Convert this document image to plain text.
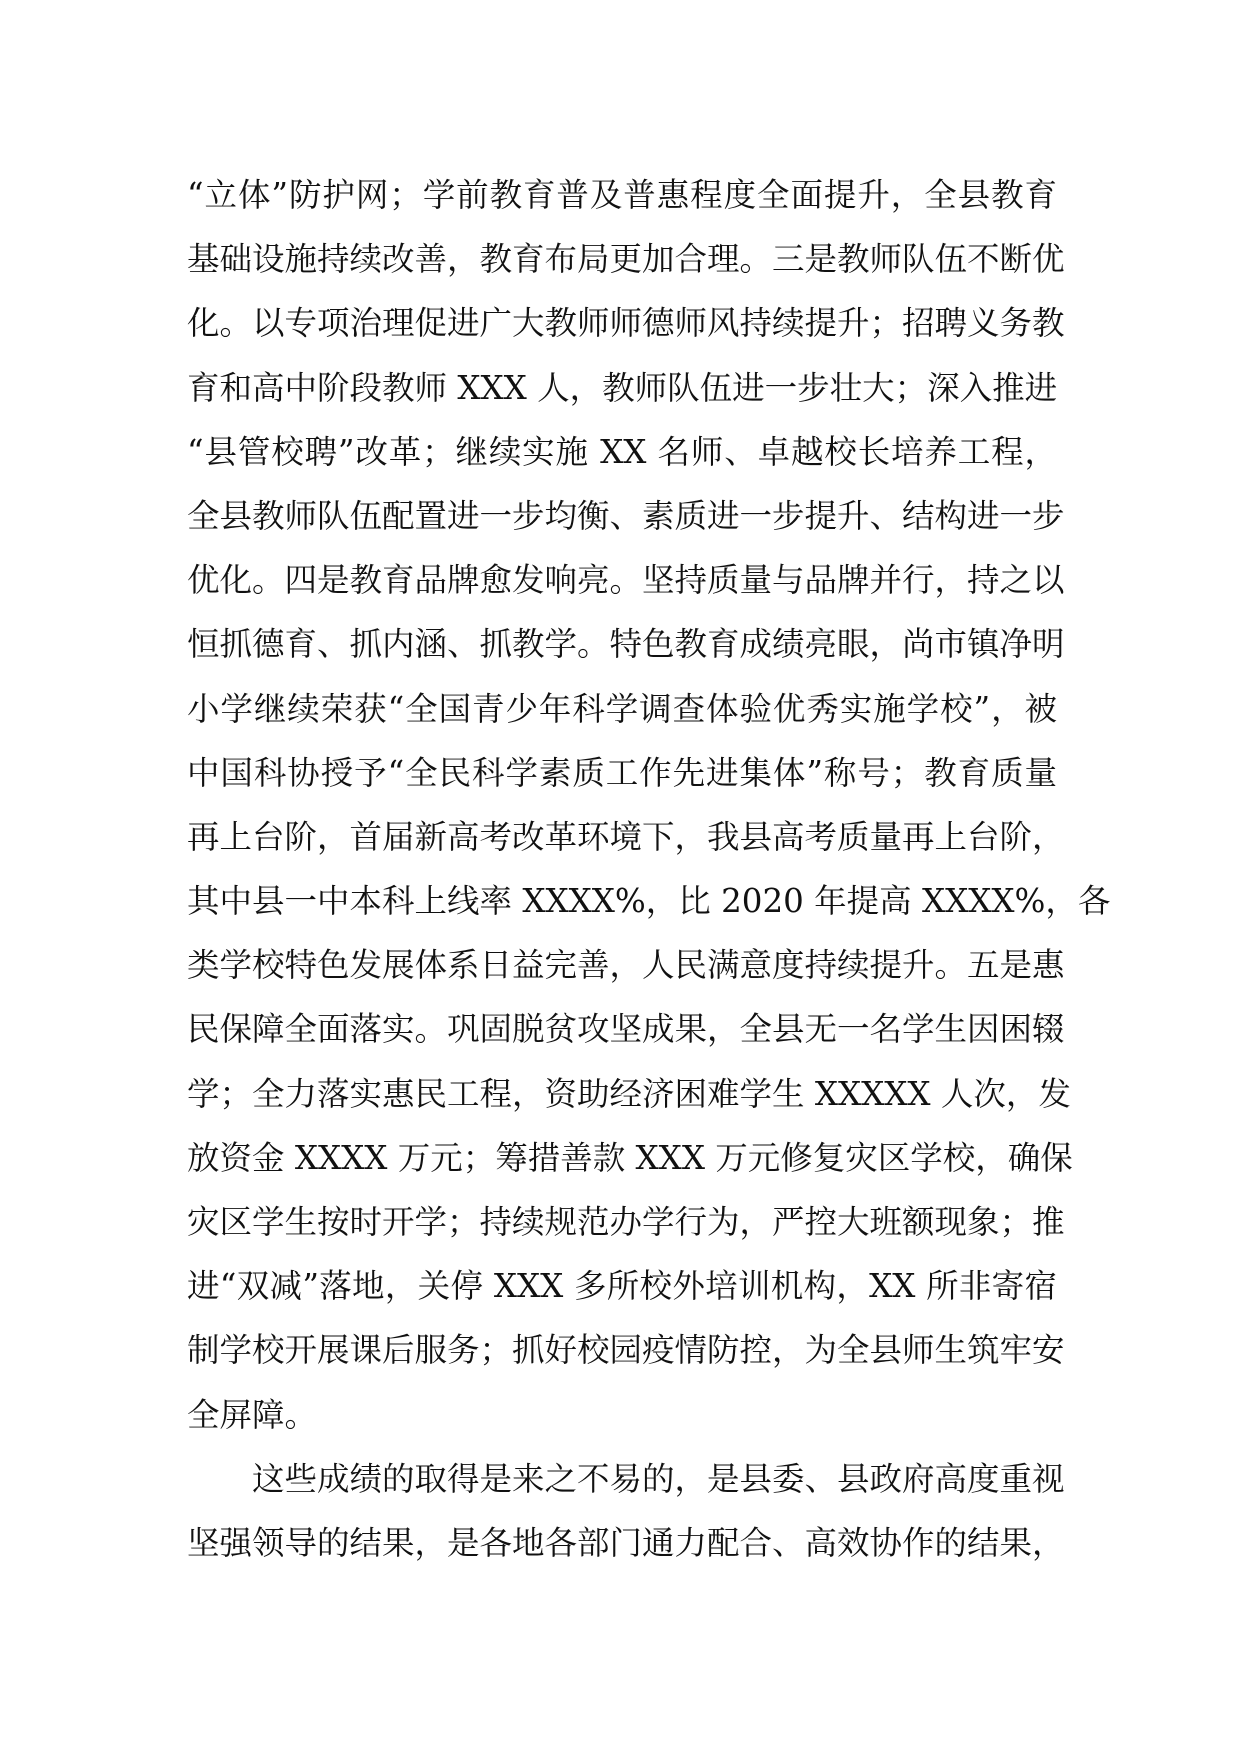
“立体”防护网；学前教育普及普惠程度全面提升，全县教育
基础设施持续改善，教育布局更加合理。三是教师队伍不断优
化。以专项治理促进广大教师师德师风持续提升；招聘义务教
育和高中阶段教师 XXX 人，教师队伍进一步壮大；深入推进
“县管校聘”改革；继续实施 XX 名师、卓越校长培养工程，
全县教师队伍配置进一步均衡、素质进一步提升、结构进一步
优化。四是教育品牌愈发响亮。坚持质量与品牌并行，持之以
恒抓德育、抓内涵、抓教学。特色教育成绩亮眼，尚市镇净明
小学继续荣获“全国青少年科学调查体验优秀实施学校”，被
中国科协授予“全民科学素质工作先进集体”称号；教育质量
再上台阶，首届新高考改革环境下，我县高考质量再上台阶，
其中县一中本科上线率 XXXX%，比 2020 年提高 XXXX%，各
类学校特色发展体系日益完善，人民满意度持续提升。五是惠
民保障全面落实。巩固脱贫攻坚成果，全县无一名学生因困辍
学；全力落实惠民工程，资助经济困难学生 XXXXX 人次，发
放资金 XXXX 万元；筹措善款 XXX 万元修复灾区学校，确保
灾区学生按时开学；持续规范办学行为，严控大班额现象；推
进“双减”落地，关停 XXX 多所校外培训机构，XX 所非寄宿
制学校开展课后服务；抓好校园疫情防控，为全县师生筑牢安
全屏障。
这些成绩的取得是来之不易的，是县委、县政府高度重视
坚强领导的结果，是各地各部门通力配合、高效协作的结果，
